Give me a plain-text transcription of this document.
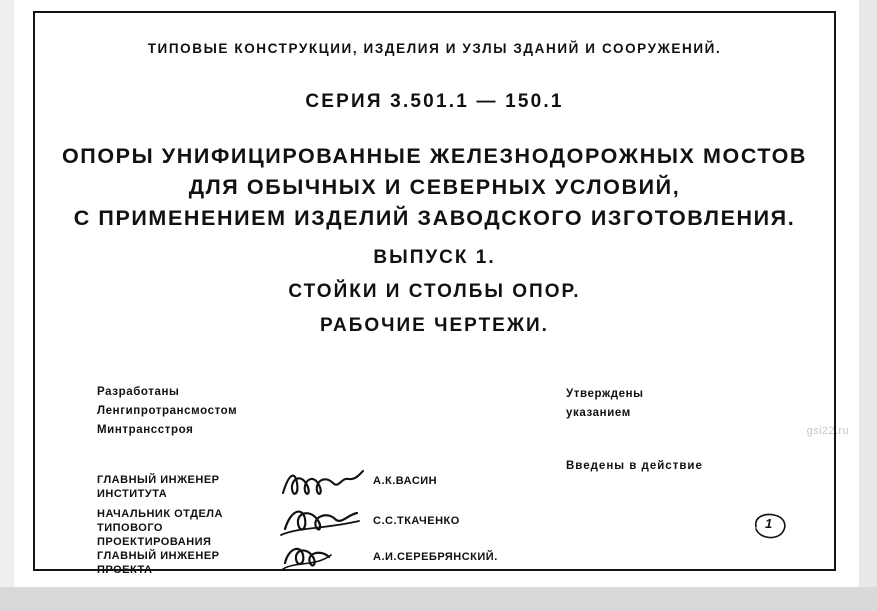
ТИПОВЫЕ КОНСТРУКЦИИ, ИЗДЕЛИЯ И УЗЛЫ ЗДАНИЙ И СООРУЖЕНИЙ.
СЕРИЯ 3.501.1 — 150.1
ОПОРЫ УНИФИЦИРОВАННЫЕ ЖЕЛЕЗНОДОРОЖНЫХ МОСТОВ
ДЛЯ ОБЫЧНЫХ И СЕВЕРНЫХ УСЛОВИЙ,
С ПРИМЕНЕНИЕМ ИЗДЕЛИЙ ЗАВОДСКОГО ИЗГОТОВЛЕНИЯ.
ВЫПУСК 1.
СТОЙКИ И СТОЛБЫ ОПОР.
РАБОЧИЕ ЧЕРТЕЖИ.
Разработаны
Ленгипротрансмостом
Минтрансстроя
Утверждены
указанием
Введены в действие
ГЛАВНЫЙ ИНЖЕНЕР ИНСТИТУТА
А.К.ВАСИН
НАЧАЛЬНИК ОТДЕЛА ТИПОВОГО ПРОЕКТИРОВАНИЯ
С.С.ТКАЧЕНКО
ГЛАВНЫЙ ИНЖЕНЕР ПРОЕКТА
А.И.СЕРЕБРЯНСКИЙ.
1
gsi22.ru
